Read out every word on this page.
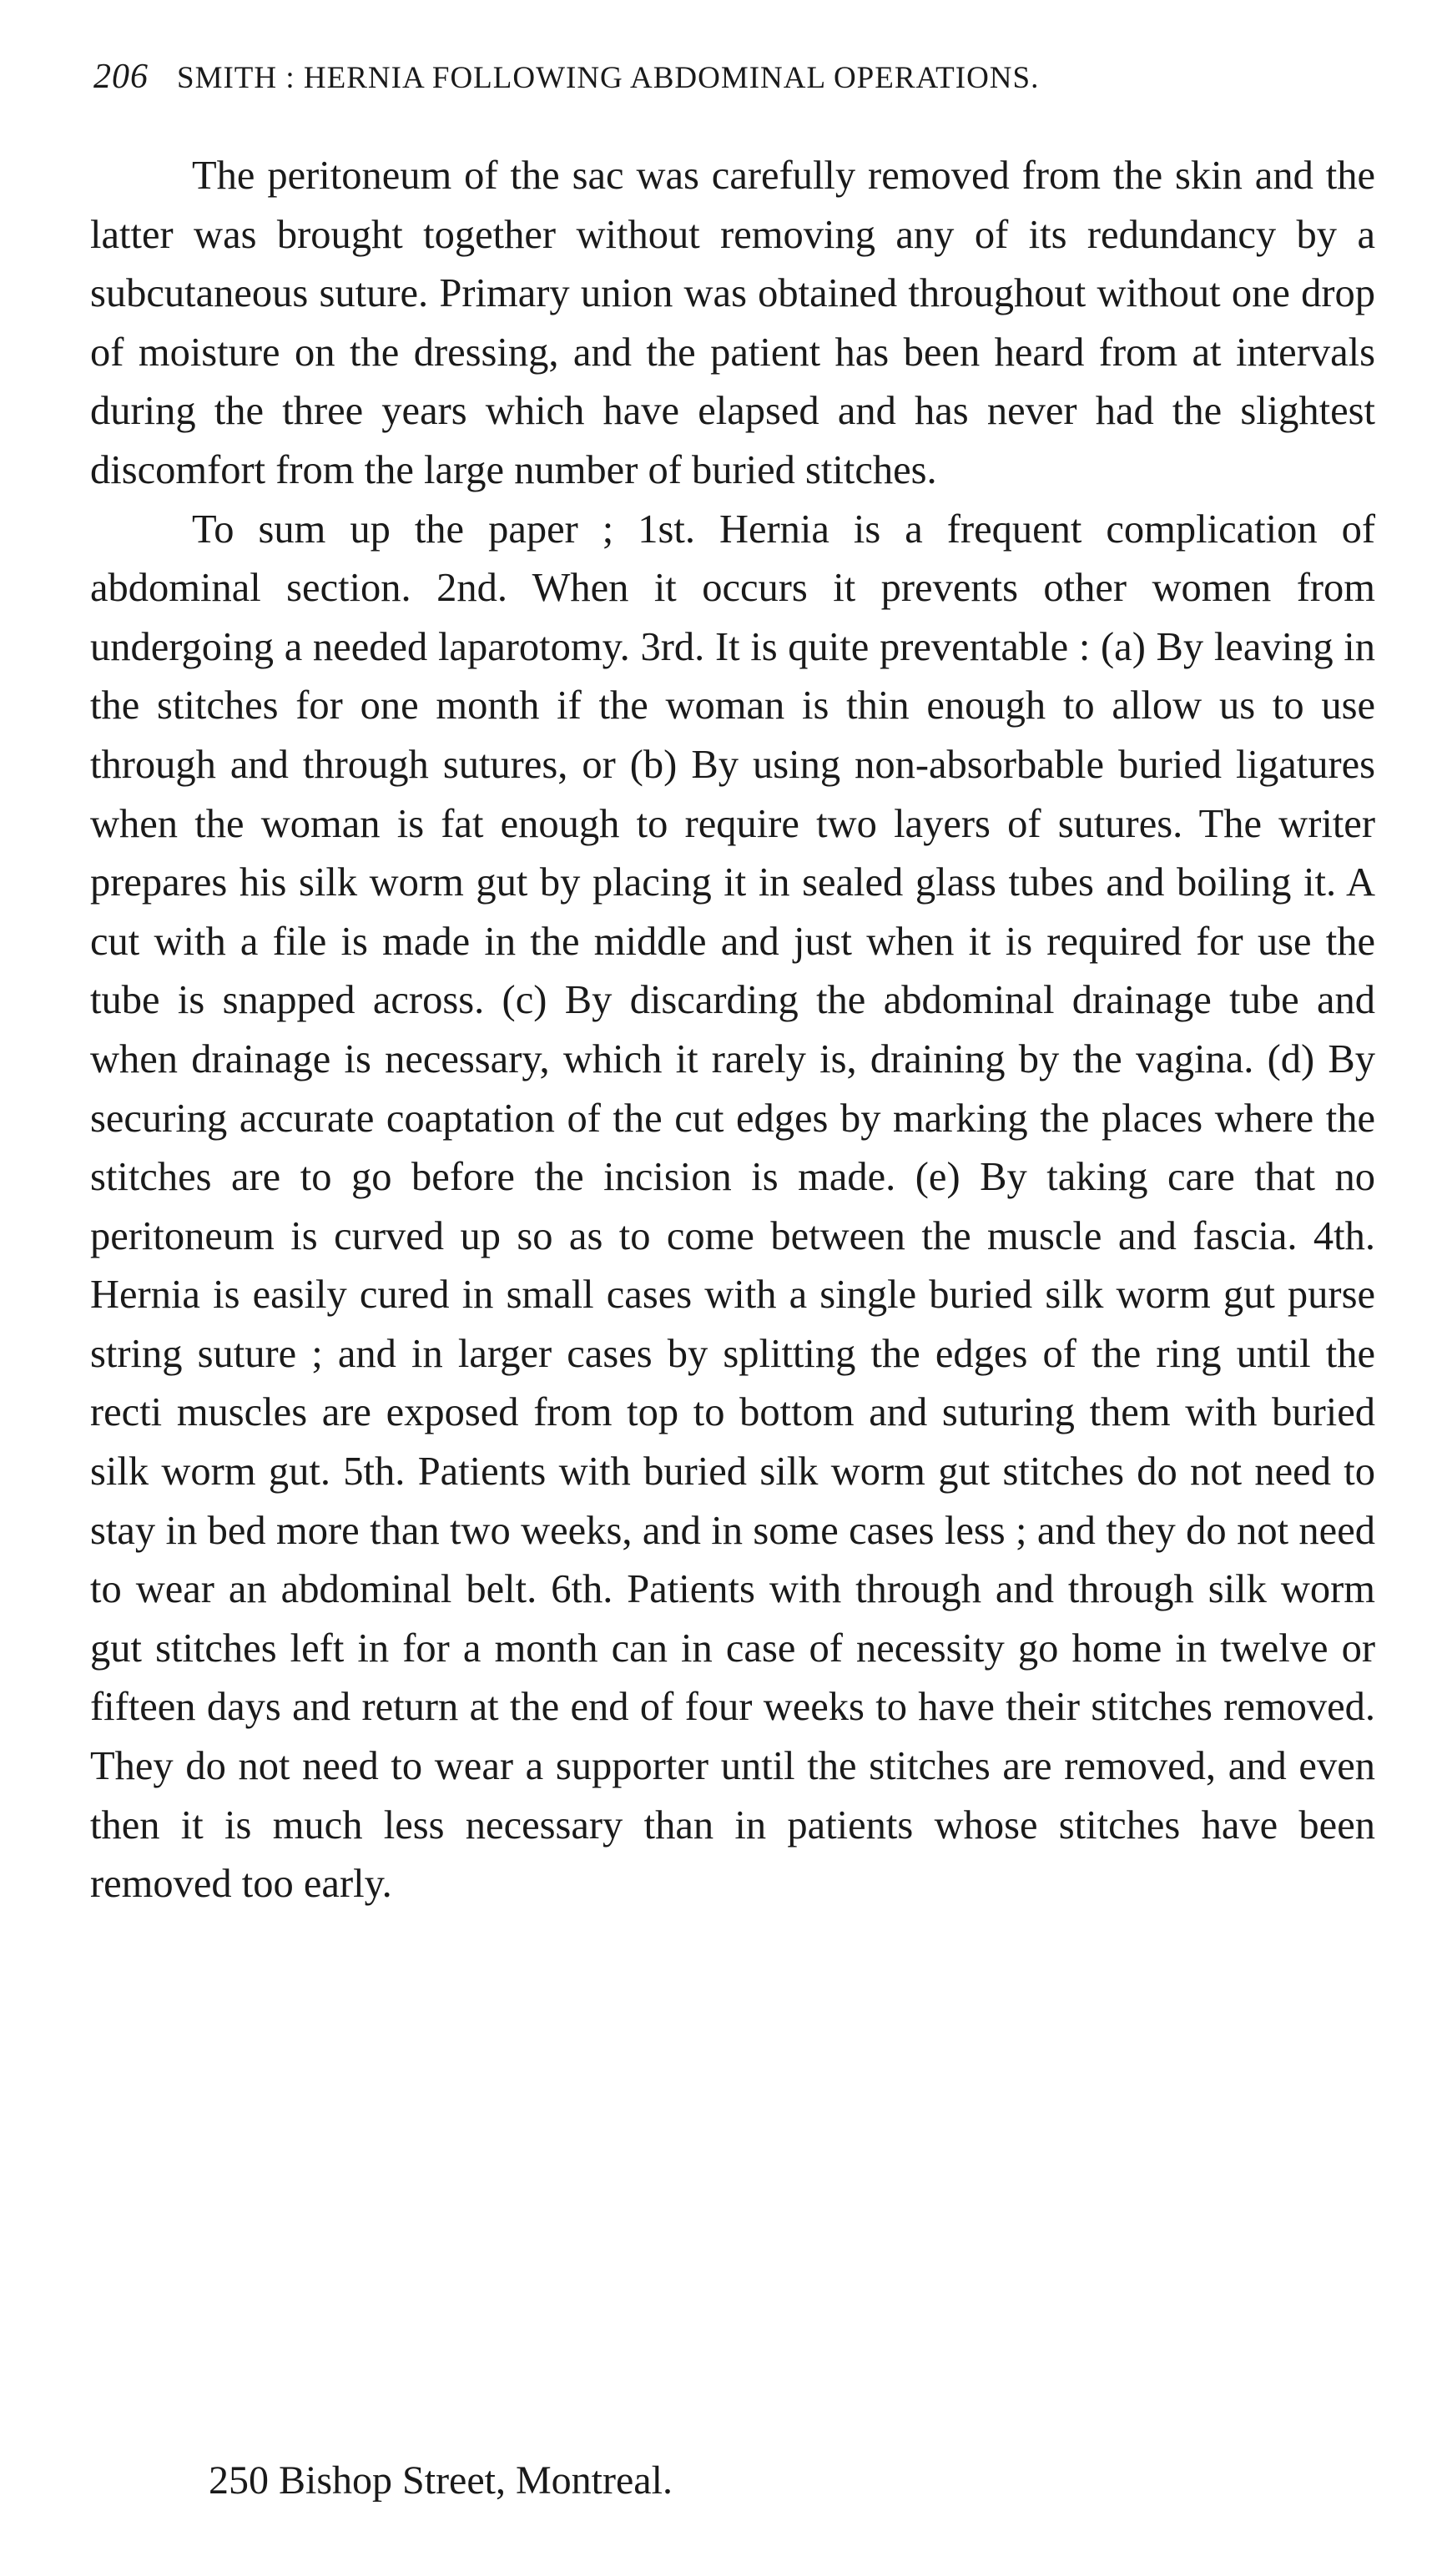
206 SMITH : HERNIA FOLLOWING ABDOMINAL OPERATIONS.

The peritoneum of the sac was carefully removed from the skin and the latter was brought together without removing any of its redundancy by a subcutaneous suture. Primary union was obtained throughout without one drop of moisture on the dressing, and the patient has been heard from at intervals during the three years which have elapsed and has never had the slightest discomfort from the large number of buried stitches.

To sum up the paper ; 1st. Hernia is a frequent complication of abdominal section. 2nd. When it occurs it prevents other women from undergoing a needed laparotomy. 3rd. It is quite preventable : (a) By leaving in the stitches for one month if the woman is thin enough to allow us to use through and through sutures, or (b) By using non-absorbable buried ligatures when the woman is fat enough to require two layers of sutures. The writer prepares his silk worm gut by placing it in sealed glass tubes and boiling it. A cut with a file is made in the middle and just when it is required for use the tube is snapped across. (c) By discarding the abdominal drainage tube and when drainage is necessary, which it rarely is, draining by the vagina. (d) By securing accurate coaptation of the cut edges by marking the places where the stitches are to go before the incision is made. (e) By taking care that no peritoneum is curved up so as to come between the muscle and fascia. 4th. Hernia is easily cured in small cases with a single buried silk worm gut purse string suture ; and in larger cases by splitting the edges of the ring until the recti muscles are exposed from top to bottom and suturing them with buried silk worm gut. 5th. Patients with buried silk worm gut stitches do not need to stay in bed more than two weeks, and in some cases less ; and they do not need to wear an abdominal belt. 6th. Patients with through and through silk worm gut stitches left in for a month can in case of necessity go home in twelve or fifteen days and return at the end of four weeks to have their stitches removed. They do not need to wear a supporter until the stitches are removed, and even then it is much less necessary than in patients whose stitches have been removed too early.

250 Bishop Street, Montreal.
